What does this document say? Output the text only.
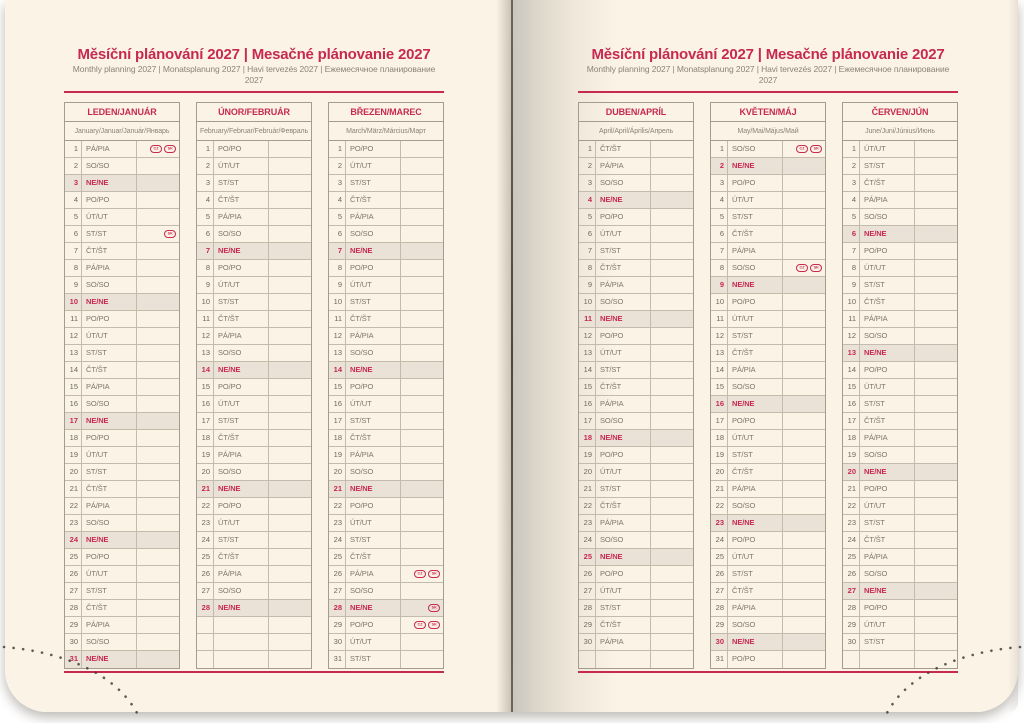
Měsíční plánování 2027 | Mesačné plánovanie 2027
Monthly planning 2027 | Monatsplanung 2027 | Havi tervezés 2027 | Ежемесячное планирование 2027
LEDEN/JANUÁR
January/Januar/Január/Январь
1	PÁ/PIA	CZ SK
2	SO/SO
3	NE/NE
4	PO/PO
5	ÚT/UT
6	ST/ST	SK
7	ČT/ŠT
8	PÁ/PIA
9	SO/SO
10	NE/NE
11	PO/PO
12	ÚT/UT
13	ST/ST
14	ČT/ŠT
15	PÁ/PIA
16	SO/SO
17	NE/NE
18	PO/PO
19	ÚT/UT
20	ST/ST
21	ČT/ŠT
22	PÁ/PIA
23	SO/SO
24	NE/NE
25	PO/PO
26	ÚT/UT
27	ST/ST
28	ČT/ŠT
29	PÁ/PIA
30	SO/SO
31	NE/NE
ÚNOR/FEBRUÁR
February/Februar/Február/Февраль
1	PO/PO
2	ÚT/UT
3	ST/ST
4	ČT/ŠT
5	PÁ/PIA
6	SO/SO
7	NE/NE
8	PO/PO
9	ÚT/UT
10	ST/ST
11	ČT/ŠT
12	PÁ/PIA
13	SO/SO
14	NE/NE
15	PO/PO
16	ÚT/UT
17	ST/ST
18	ČT/ŠT
19	PÁ/PIA
20	SO/SO
21	NE/NE
22	PO/PO
23	ÚT/UT
24	ST/ST
25	ČT/ŠT
26	PÁ/PIA
27	SO/SO
28	NE/NE
BŘEZEN/MAREC
March/März/Március/Март
1	PO/PO
2	ÚT/UT
3	ST/ST
4	ČT/ŠT
5	PÁ/PIA
6	SO/SO
7	NE/NE
8	PO/PO
9	ÚT/UT
10	ST/ST
11	ČT/ŠT
12	PÁ/PIA
13	SO/SO
14	NE/NE
15	PO/PO
16	ÚT/UT
17	ST/ST
18	ČT/ŠT
19	PÁ/PIA
20	SO/SO
21	NE/NE
22	PO/PO
23	ÚT/UT
24	ST/ST
25	ČT/ŠT
26	PÁ/PIA	CZ SK
27	SO/SO
28	NE/NE	SK
29	PO/PO	CZ SK
30	ÚT/UT
31	ST/ST
Měsíční plánování 2027 | Mesačné plánovanie 2027
Monthly planning 2027 | Monatsplanung 2027 | Havi tervezés 2027 | Ежемесячное планирование 2027
DUBEN/APRÍL
April/April/Április/Апрель
1	ČT/ŠT
2	PÁ/PIA
3	SO/SO
4	NE/NE
5	PO/PO
6	ÚT/UT
7	ST/ST
8	ČT/ŠT
9	PÁ/PIA
10	SO/SO
11	NE/NE
12	PO/PO
13	ÚT/UT
14	ST/ST
15	ČT/ŠT
16	PÁ/PIA
17	SO/SO
18	NE/NE
19	PO/PO
20	ÚT/UT
21	ST/ST
22	ČT/ŠT
23	PÁ/PIA
24	SO/SO
25	NE/NE
26	PO/PO
27	ÚT/UT
28	ST/ST
29	ČT/ŠT
30	PÁ/PIA
KVĚTEN/MÁJ
May/Mai/Május/Май
1	SO/SO	CZ SK
2	NE/NE
3	PO/PO
4	ÚT/UT
5	ST/ST
6	ČT/ŠT
7	PÁ/PIA
8	SO/SO	CZ SK
9	NE/NE
10	PO/PO
11	ÚT/UT
12	ST/ST
13	ČT/ŠT
14	PÁ/PIA
15	SO/SO
16	NE/NE
17	PO/PO
18	ÚT/UT
19	ST/ST
20	ČT/ŠT
21	PÁ/PIA
22	SO/SO
23	NE/NE
24	PO/PO
25	ÚT/UT
26	ST/ST
27	ČT/ŠT
28	PÁ/PIA
29	SO/SO
30	NE/NE
31	PO/PO
ČERVEN/JÚN
June/Juni/Június/Июнь
1	ÚT/UT
2	ST/ST
3	ČT/ŠT
4	PÁ/PIA
5	SO/SO
6	NE/NE
7	PO/PO
8	ÚT/UT
9	ST/ST
10	ČT/ŠT
11	PÁ/PIA
12	SO/SO
13	NE/NE
14	PO/PO
15	ÚT/UT
16	ST/ST
17	ČT/ŠT
18	PÁ/PIA
19	SO/SO
20	NE/NE
21	PO/PO
22	ÚT/UT
23	ST/ST
24	ČT/ŠT
25	PÁ/PIA
26	SO/SO
27	NE/NE
28	PO/PO
29	ÚT/UT
30	ST/ST
